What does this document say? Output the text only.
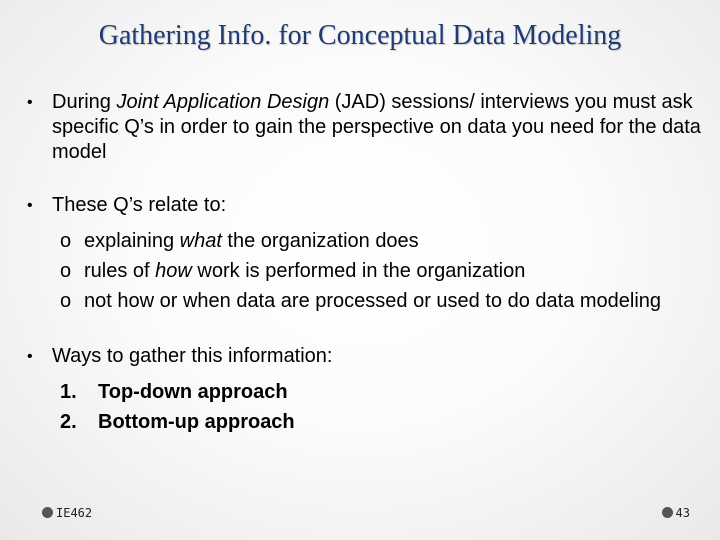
Gathering Info. for Conceptual Data Modeling
• During Joint Application Design (JAD) sessions/ interviews you must ask specific Q’s in order to gain the perspective on data you need for the data model
• These Q’s relate to:
o explaining what the organization does
o rules of how work is performed in the organization
o not how or when data are processed or used to do data modeling
• Ways to gather this information:
1. Top-down approach
2. Bottom-up approach
IE462	43
